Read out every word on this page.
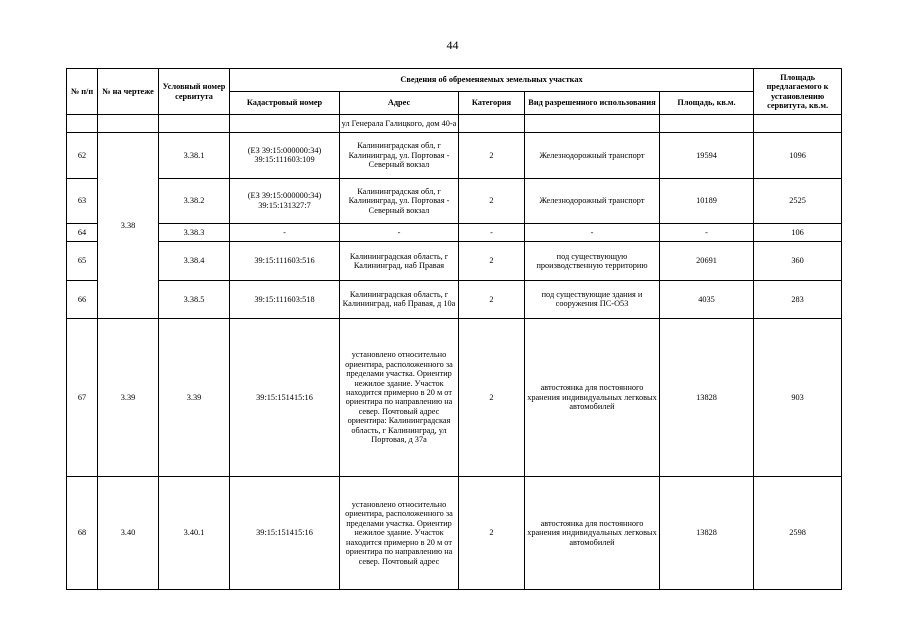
44
№ п/п	№ на чертеже	Условный номер сервитута	Сведения об обременяемых земельных участках					Площадь предлагаемого к установлению сервитута, кв.м.
			Кадастровый номер	Адрес	Категория	Вид разрешенного использования	Площадь, кв.м.	
				ул Генерала Галицкого, дом 40-а				
62	3.38	3.38.1	(ЕЗ 39:15:000000:34) 39:15:111603:109	Калининградская обл, г Калининград, ул. Портовая - Северный вокзал	2	Железнодорожный транспорт	19594	1096
63		3.38.2	(ЕЗ 39:15:000000:34) 39:15:131327:7	Калининградская обл, г Калининград, ул. Портовая - Северный вокзал	2	Железнодорожный транспорт	10189	2525
64		3.38.3	-	-	-	-	-	106
65		3.38.4	39:15:111603:516	Калининградская область, г Калининград, наб Правая	2	под существующую производственную территорию	20691	360
66		3.38.5	39:15:111603:518	Калининградская область, г Калининград, наб Правая, д 10а	2	под существующие здания и сооружения ПС-О53	4035	283
67	3.39	3.39	39:15:151415:16	установлено относительно ориентира, расположенного за пределами участка. Ориентир нежилое здание. Участок находится примерно в 20 м от ориентира по направлению на север. Почтовый адрес ориентира: Калининградская область, г Калининград, ул Портовая, д 37а	2	автостоянка для постоянного хранения индивидуальных легковых автомобилей	13828	903
68	3.40	3.40.1	39:15:151415:16	установлено относительно ориентира, расположенного за пределами участка. Ориентир нежилое здание. Участок находится примерно в 20 м от ориентира по направлению на север. Почтовый адрес	2	автостоянка для постоянного хранения индивидуальных легковых автомобилей	13828	2598
